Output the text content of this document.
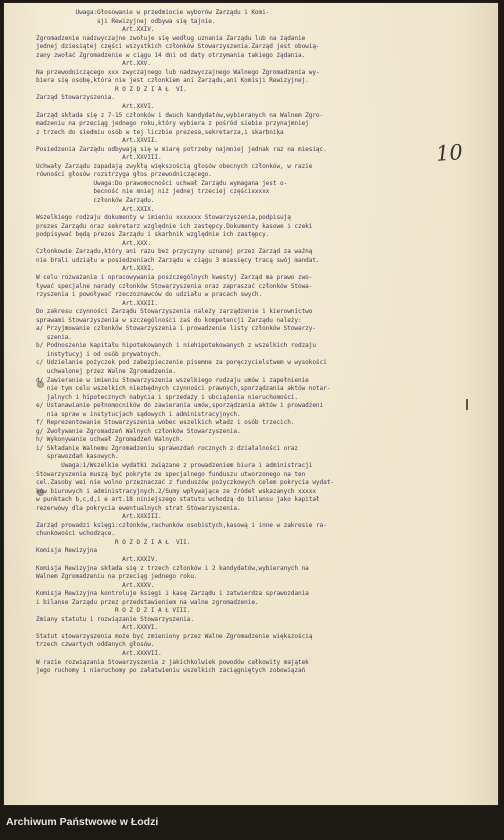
Uwaga:Głosowanie w przedmiocie wyborów Zarządu i Komi-
sji Rewizyjnej odbywa się tajnie.
Art.XXIV.
Zgromadzenie nadzwyczajne zwołuje się według uznania Zarządu lub na żądanie
jednej dziesiątej części wszystkich członków Stowarzyszenia.Zarząd jest obowią-
zany zwołać Zgromadzenie w ciągu 14 dni od daty otrzymania takiego żądania.
Art.XXV.
Na przewodniczącego xxx zwyczajnego lub nadzwyczajnego Walnego Zgromadzenia wy-
biera się osobę,która nie jest członkiem ani Zarządu,ani Komisji Rewizyjnej.
R O Z D Z I A Ł  VI.
Zarząd Stowarzyszenia.
Art.XXVI.
Zarząd składa się z 7-15 członków i dwuch kandydatów,wybieranych na Walnem Zgro-
madzeniu na przeciąg jednego roku,który wybiera z pośród siebie przynajmniej
z trzech do siedmiu osób w tej liczbie prezesa,sekretarza,i skarbnika
Art.XXVII.
Posiedzenia Zarządu odbywają się w miarę potrzeby najmniej jednak raz na miesiąc.
Art.XXVIII.
Uchwały Zarządu zapadają zwykłą większością głosów obecnych członków, w razie
równości głosów rozstrzyga głos przewodniczącego.
Uwaga:Do prawomocności uchwał Zarządu wymagana jest o-
becność nie mniej niż jednej trzeciej częścixxxxx
członków Zarządu.
Art.XXIX.
Wszelkiego rodzaju dokumenty w imieniu xxxxxxx Stowarzyszenia,podpisują
prezes Zarządu oraz sekretarz względnie ich zastępcy.Dokumenty kasowe i czeki
podpisywać będą prezes Zarządu i skarbnik względnie ich zastępcy.
Art.XXX.
Członkowie Zarządu,który ani razu bez przyczyny uznanej przez Zarząd za ważną
nie brali udziału w posiedzeniach Zarządu w ciągu 3 miesięcy tracą swój mandat.
Art.XXXI.
W celu rozważania i opracowywania poszczególnych kwestyj Zarząd ma prawo zwo-
ływać specjalne narady członków Stowarzyszenia oraz zapraszać członków Stowa-
rzyszenia i powoływać rzeczoznawców do udziału w pracach swych.
Art.XXXII.
Do zakresu czynności Zarządu Stowarzyszenia należy zarządzenie i kierownictwo
sprawami Stowarzyszenia w szczególności zaś do kompetencji Zarządu należy:
a/ Przyjmowanie członków Stowarzyszenia i prowadzenie listy członków Stowarzy-
szenia.
b/ Podnoszenie kapitału hipotekowanych i niehipotekowanych z wszelkich rodzaju
instytucyj i od osób prywatnych.
c/ Udzielanie pożyczek pod zabezpieczenie pisemne za poręczycielstwem w wysokości
uchwalonej przez Walne Zgromadzenie.
d/ Zawieranie w imieniu Stowarzyszenia wszelkiego rodzaju umów i zapełnienie
nie tym celu wszelkich niezbędnych czynności prawnych,sporządzania aktów notar-
jalnych i hipotecznych nabycia i sprzedaży i ubciążenia nieruchomości.
e/ Ustanawianie pełnomocników do zawierania umów,sporządzania aktów i prowadzeni
nia spraw w instytucjach sądowych i administracyjnych.
f/ Reprezentowanie Stowarzyszenia wobec wszelkich władz i osób trzecich.
g/ Zwoływanie Zgromadzeń Walnych członków Stowarzyszenia.
h/ Wykonywanie uchwał Zgromadzeń Walnych.
i/ Składanie Walnemu Zgromadzeniu sprawozdań rocznych z działalności oraz
sprawozdań kasowych.
Uwaga:1/Wszelkie wydatki związane z prowadzeniem biura i administracji
Stowarzyszenia muszą być pokryte ze specjalnego funduszu utworzonego na ten
cel.Zasoby wei nie wolno przeznaczać z funduszów pożyczkowych celem pokrycia wydat-
ków biurowych i administracyjnych.2/Sumy wpływające ze źródeł wskazanych xxxxx
w punktach b,c,d,i e art.18 niniejszego statutu wchodzą do bilansu jako kapitał
rezerwowy dla pokrycia ewentualnych strat Stowarzyszenia.
Art.XXXIII.
Zarząd prowadzi księgi:członków,rachunków osobistych,kasową i inne w zakresie ra-
chunkowości wchodzące.
R O Z D Z I A Ł  VII.
Komisja Rewizyjna
Art.XXXIV.
Komisja Rewizyjna składa się z trzech członków i 2 kandydatów,wybieranych na
Walnem Zgromadzeniu na przeciąg jednego roku.
Art.XXXV.
Komisja Rewizyjna kontroluje księgi i kasę Zarządu i zatwierdza sprawozdania
i bilanse Zarządu przez przedstawieniem na walne zgromadzenie.
R O Z D Z I A Ł VIII.
Zmiany statutu i rozwiązanie Stowarzyszenia.
Art.XXXVI.
Statut stowarzyszenia może być zmieniony przez Walne Zgromadzenie większością
trzech czwartych oddanych głosów.
Art.XXXVII.
W razie rozwiązania Stowarzyszenia z jakichkolwiek powodów całkowity majątek
jego ruchomy i nieruchomy po załatwieniu wszelkich zaciągniętych zobowiązań
10
Archiwum Państwowe w Łodzi
